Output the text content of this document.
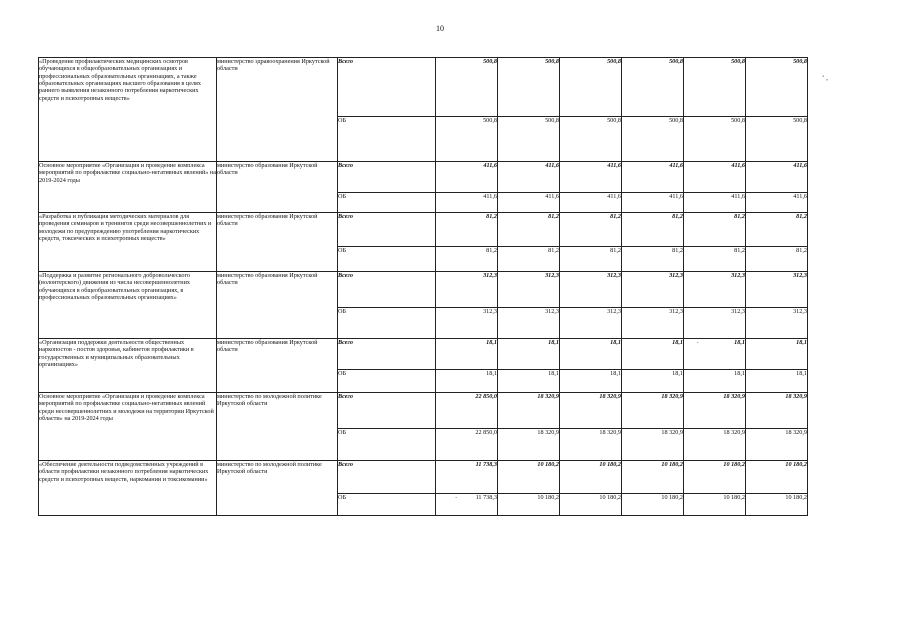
10
‘ ,
`
.
«Проведение профилактических медицинских осмотров обучающихся в общеобразовательных организациях и профессиональных образовательных организациях, а также образовательных организациях высшего образования в целях раннего выявления незаконного потребления наркотических средств и психотропных веществ»	министерство здравоохранения Иркутской области	Всего	500,8	500,8	500,8	500,8	500,8	500,8
		ОБ	500,8	500,8	500,8	500,8	500,8	500,8
Основное мероприятие «Организация и проведение комплекса мероприятий по профилактике социально-негативных явлений» на 2019-2024 годы	министерство образования Иркутской области	Всего	411,6	411,6	411,6	411,6	411,6	411,6
		ОБ	411,6	411,6	411,6	411,6	411,6	411,6
«Разработка и публикация методических материалов для проведения семинаров и тренингов среди несовершеннолетних и молодежи по предупреждению употребления наркотических средств, токсических и психотропных веществ»	министерство образования Иркутской области	Всего	81,2	81,2	81,2	81,2	81,2	81,2
		ОБ	81,2	81,2	81,2	81,2	81,2	81,2
«Поддержка и развитие регионального добровольческого (волонтерского) движения из числа несовершеннолетних обучающихся в общеобразовательных организациях, в профессиональных образовательных организациях»	министерство образования Иркутской области	Всего	312,3	312,3	312,3	312,3	312,3	312,3
		ОБ	312,3	312,3	312,3	312,3	312,3	312,3
«Организация поддержки деятельности общественных наркопостов - постов здоровья, кабинетов профилактики в государственных и муниципальных образовательных организациях»	министерство образования Иркутской области	Всего	18,1	18,1	18,1	18,1	18,1	18,1
		ОБ	18,1	18,1	18,1	18,1	18,1	18,1
Основное мероприятие «Организация и проведение комплекса мероприятий по профилактике социально-негативных явлений среди несовершеннолетних и молодежи на территории Иркутской области» на 2019-2024 годы	министерство по молодежной политике Иркутской области	Всего	22 850,0	18 320,9	18 320,9	18 320,9	18 320,9	18 320,9
		ОБ	22 850,0	18 320,9	18 320,9	18 320,9	18 320,9	18 320,9
«Обеспечение деятельности подведомственных учреждений в области профилактики незаконного потребления наркотических средств и психотропных веществ, наркомании и токсикомании»	министерство по молодежной политике Иркутской области	Всего	11 738,3	10 180,2	10 180,2	10 180,2	10 180,2	10 180,2
		ОБ	11 738,3	10 180,2	10 180,2	10 180,2	10 180,2	10 180,2
